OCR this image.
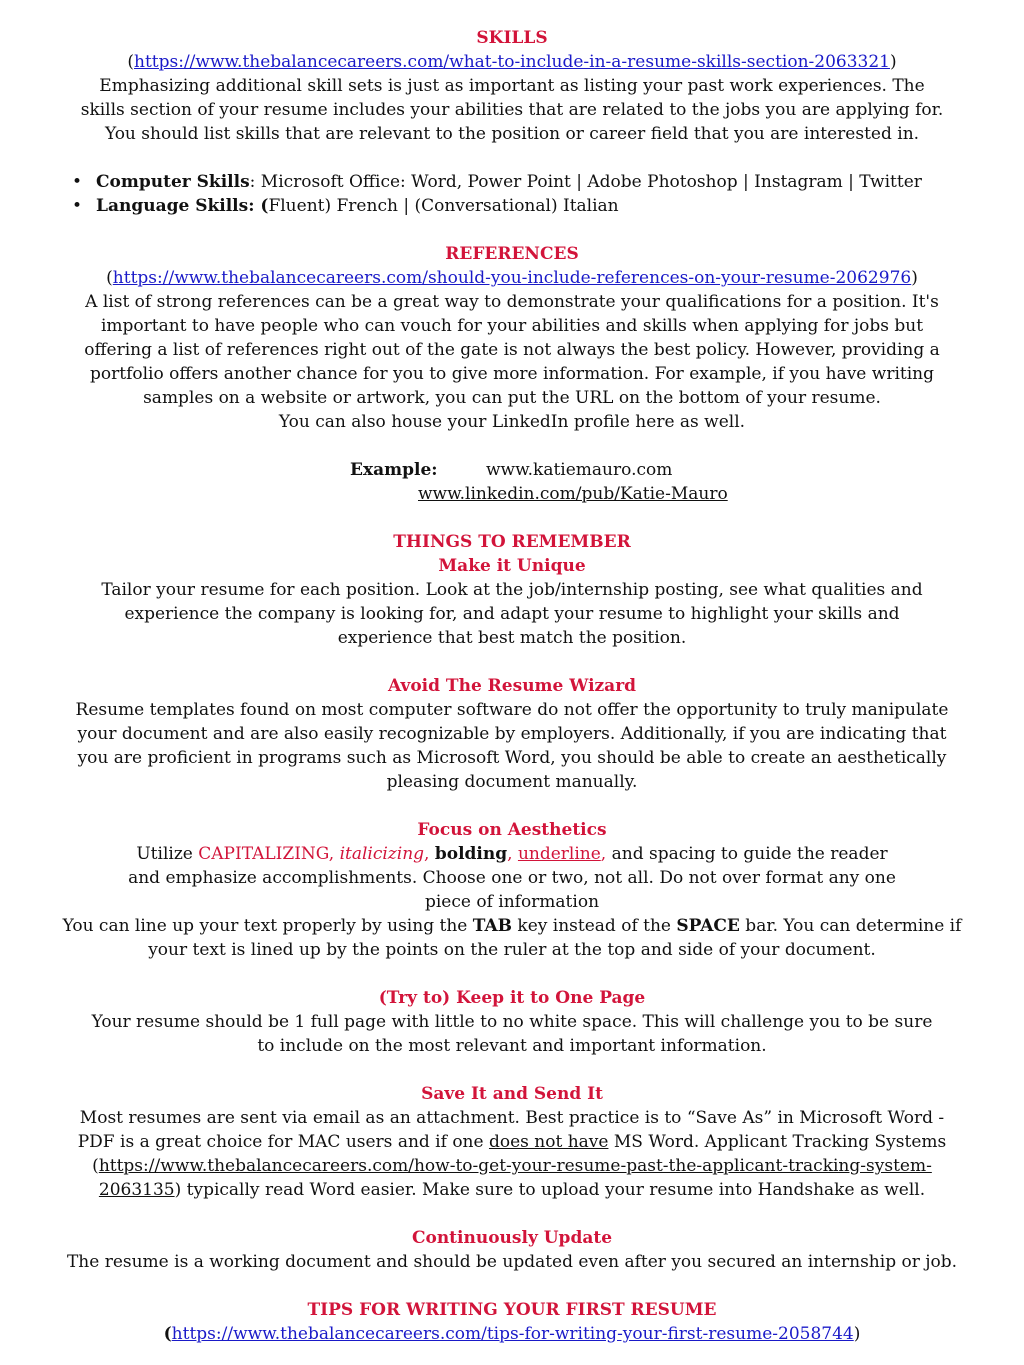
SKILLS
(https://www.thebalancecareers.com/what-to-include-in-a-resume-skills-section-2063321)
Emphasizing additional skill sets is just as important as listing your past work experiences. The skills section of your resume includes your abilities that are related to the jobs you are applying for. You should list skills that are relevant to the position or career field that you are interested in.
• Computer Skills: Microsoft Office: Word, Power Point | Adobe Photoshop | Instagram | Twitter
• Language Skills: (Fluent) French | (Conversational) Italian
REFERENCES
(https://www.thebalancecareers.com/should-you-include-references-on-your-resume-2062976)
A list of strong references can be a great way to demonstrate your qualifications for a position. It's important to have people who can vouch for your abilities and skills when applying for jobs but offering a list of references right out of the gate is not always the best policy. However, providing a portfolio offers another chance for you to give more information. For example, if you have writing samples on a website or artwork, you can put the URL on the bottom of your resume.
You can also house your LinkedIn profile here as well.
Example:	www.katiemauro.com
www.linkedin.com/pub/Katie-Mauro
THINGS TO REMEMBER
Make it Unique
Tailor your resume for each position. Look at the job/internship posting, see what qualities and experience the company is looking for, and adapt your resume to highlight your skills and experience that best match the position.
Avoid The Resume Wizard
Resume templates found on most computer software do not offer the opportunity to truly manipulate your document and are also easily recognizable by employers. Additionally, if you are indicating that you are proficient in programs such as Microsoft Word, you should be able to create an aesthetically pleasing document manually.
Focus on Aesthetics
Utilize CAPITALIZING, italicizing, bolding, underline, and spacing to guide the reader and emphasize accomplishments. Choose one or two, not all. Do not over format any one piece of information
You can line up your text properly by using the TAB key instead of the SPACE bar. You can determine if your text is lined up by the points on the ruler at the top and side of your document.
(Try to) Keep it to One Page
Your resume should be 1 full page with little to no white space. This will challenge you to be sure to include on the most relevant and important information.
Save It and Send It
Most resumes are sent via email as an attachment. Best practice is to “Save As” in Microsoft Word - PDF is a great choice for MAC users and if one does not have MS Word. Applicant Tracking Systems (https://www.thebalancecareers.com/how-to-get-your-resume-past-the-applicant-tracking-system-2063135) typically read Word easier. Make sure to upload your resume into Handshake as well.
Continuously Update
The resume is a working document and should be updated even after you secured an internship or job.
TIPS FOR WRITING YOUR FIRST RESUME
(https://www.thebalancecareers.com/tips-for-writing-your-first-resume-2058744)
